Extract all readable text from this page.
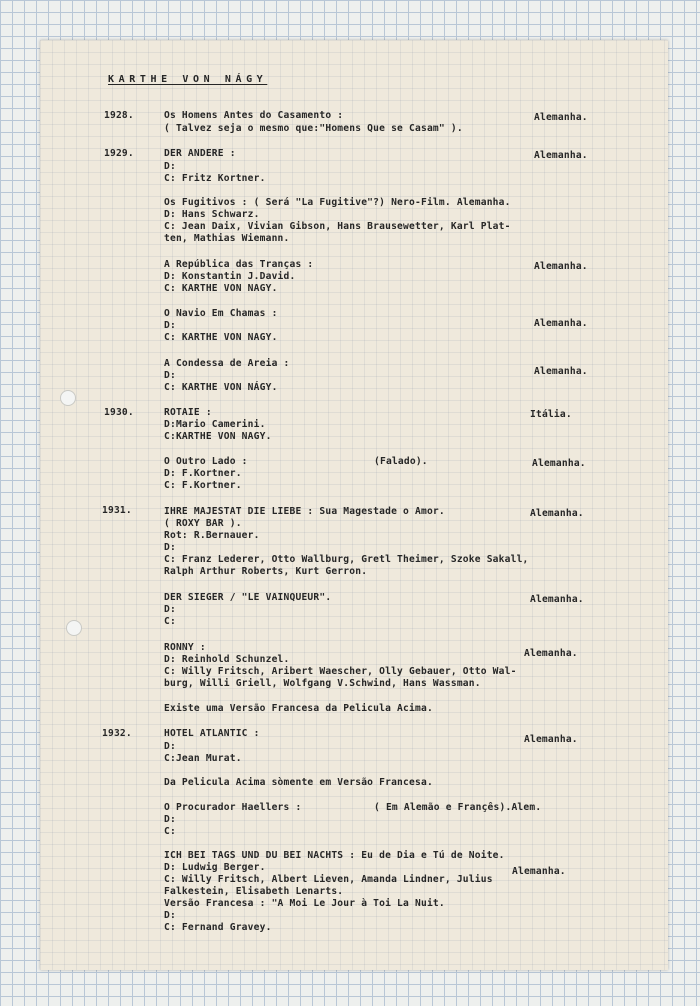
KARTHE VON NÁGY
1928.	Os Homens Antes do Casamento :	Alemanha.
( Talvez seja o mesmo que:"Homens Que se Casam" ).
1929.	DER ANDERE :	Alemanha.
D:
C: Fritz Kortner.
Os Fugitivos : ( Será "La Fugitive"?) Nero-Film. Alemanha.
D: Hans Schwarz.
C: Jean Daix, Vivian Gibson, Hans Brausewetter, Karl Plat-
ten, Mathias Wiemann.
A República das Tranças :	Alemanha.
D: Konstantin J.David.
C: KARTHE VON NAGY.
O Navio Em Chamas :
Alemanha.
D:
C: KARTHE VON NAGY.
A Condessa de Areia :
Alemanha.
D:
C: KARTHE VON NÁGY.
1930.	ROTAIE :	Itália.
D:Mario Camerini.
C:KARTHE VON NAGY.
O Outro Lado :	(Falado).	Alemanha.
D: F.Kortner.
C: F.Kortner.
1931.	IHRE MAJESTAT DIE LIEBE : Sua Magestade o Amor.	Alemanha.
( ROXY BAR ).
Rot: R.Bernauer.
D:
C: Franz Lederer, Otto Wallburg, Gretl Theimer, Szoke Sakall,
Ralph Arthur Roberts, Kurt Gerron.
DER SIEGER / "LE VAINQUEUR".	Alemanha.
D:
C:
RONNY :
Alemanha.
D: Reinhold Schunzel.
C: Willy Fritsch, Aribert Waescher, Olly Gebauer, Otto Wal-
burg, Willi Griell, Wolfgang V.Schwind, Hans Wassman.
Existe uma Versão Francesa da Pelicula Acima.
1932.	HOTEL ATLANTIC :
Alemanha.
D:
C:Jean Murat.
Da Pelicula Acima sòmente em Versão Francesa.
O Procurador Haellers :	( Em Alemão e Françês).Alem.
D:
C:
ICH BEI TAGS UND DU BEI NACHTS : Eu de Dia e Tú de Noite.
D: Ludwig Berger.	Alemanha.
C: Willy Fritsch, Albert Lieven, Amanda Lindner, Julius
Falkestein, Elisabeth Lenarts.
Versão Francesa : "A Moi Le Jour à Toi La Nuit.
D:
C: Fernand Gravey.
